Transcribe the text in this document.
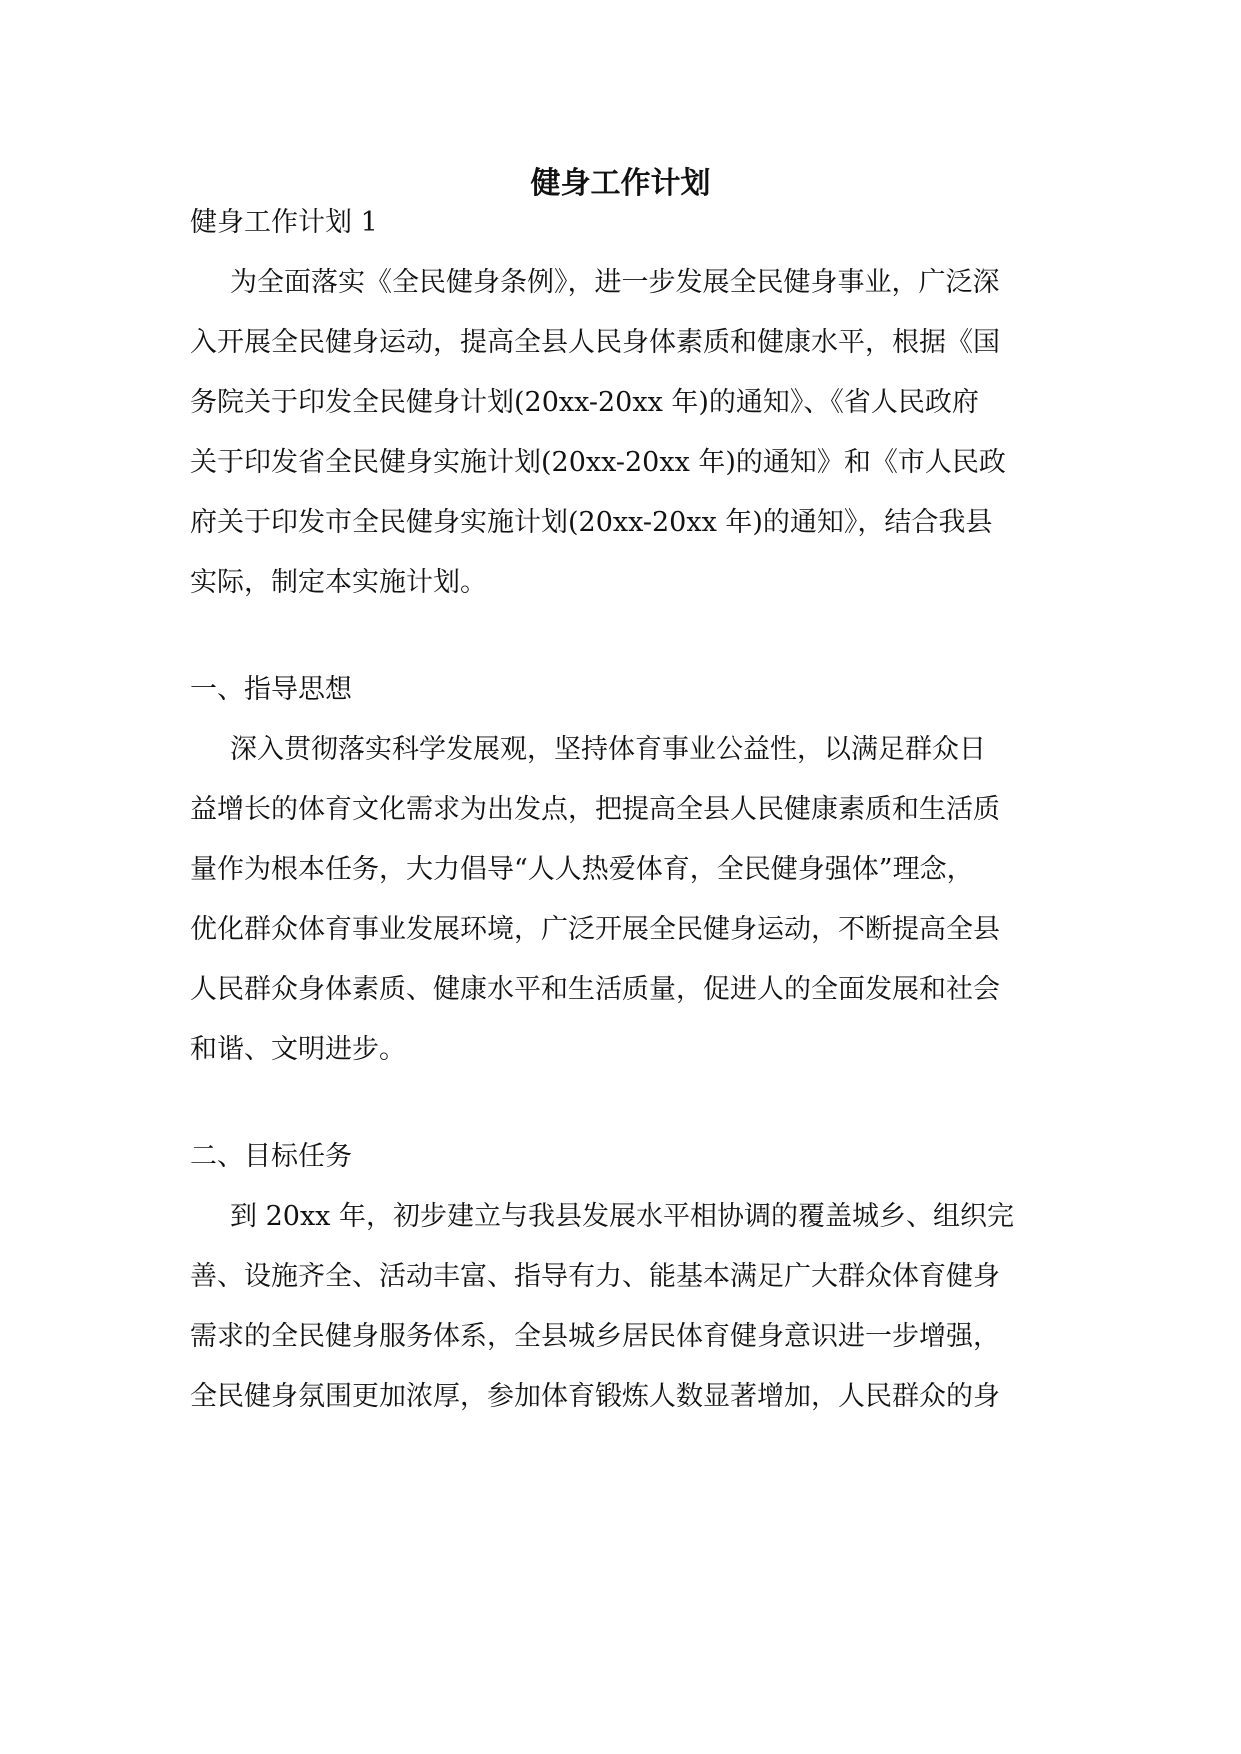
健身工作计划
健身工作计划 1
为全面落实《全民健身条例》，进一步发展全民健身事业，广泛深
入开展全民健身运动，提高全县人民身体素质和健康水平，根据《国
务院关于印发全民健身计划(20xx-20xx 年)的通知》、《省人民政府
关于印发省全民健身实施计划(20xx-20xx 年)的通知》和《市人民政
府关于印发市全民健身实施计划(20xx-20xx 年)的通知》，结合我县
实际，制定本实施计划。
一、指导思想
深入贯彻落实科学发展观，坚持体育事业公益性，以满足群众日
益增长的体育文化需求为出发点，把提高全县人民健康素质和生活质
量作为根本任务，大力倡导“人人热爱体育，全民健身强体”理念，
优化群众体育事业发展环境，广泛开展全民健身运动，不断提高全县
人民群众身体素质、健康水平和生活质量，促进人的全面发展和社会
和谐、文明进步。
二、目标任务
到 20xx 年，初步建立与我县发展水平相协调的覆盖城乡、组织完
善、设施齐全、活动丰富、指导有力、能基本满足广大群众体育健身
需求的全民健身服务体系，全县城乡居民体育健身意识进一步增强，
全民健身氛围更加浓厚，参加体育锻炼人数显著增加，人民群众的身
